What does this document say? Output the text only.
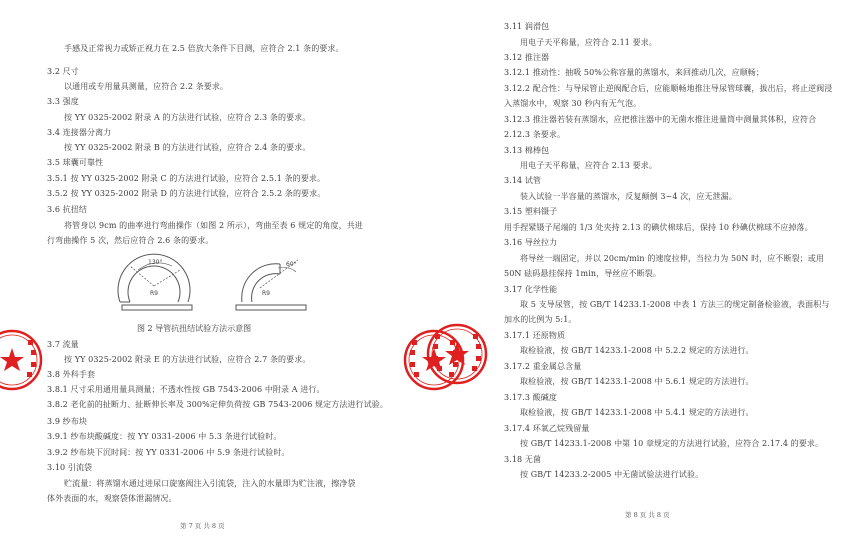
手感及正常视力或矫正视力在 2.5 倍放大条件下目测，应符合 2.1 条的要求。
3.2 尺寸
以通用或专用量具测量，应符合 2.2 条要求。
3.3 强度
按 YY 0325-2002 附录 A 的方法进行试验，应符合 2.3 条的要求。
3.4 连接器分离力
按 YY 0325-2002 附录 B 的方法进行试验，应符合 2.4 条的要求。
3.5 球囊可靠性
3.5.1 按 YY 0325-2002 附录 C 的方法进行试验，应符合 2.5.1 条的要求。
3.5.2 按 YY 0325-2002 附录 D 的方法进行试验，应符合 2.5.2 条的要求。
3.6 抗扭结
将管身以 9cm 的曲率进行弯曲操作（如图 2 所示），弯曲至表 6 规定的角度，共进
行弯曲操作 5 次，然后应符合 2.6 条的要求。
130°
R9
60°
R9
图 2 导管抗扭结试验方法示意图
3.7 流量
按 YY 0325-2002 附录 E 的方法进行试验，应符合 2.7 条的要求。
3.8 外科手套
3.8.1 尺寸采用通用量具测量；不透水性按 GB 7543-2006 中附录 A 进行。
3.8.2 老化前的扯断力、扯断伸长率及 300%定伸负荷按 GB 7543-2006 规定方法进行试验。
3.9 纱布块
3.9.1 纱布块酸碱度：按 YY 0331-2006 中 5.3 条进行试验时。
3.9.2 纱布块下沉时间：按 YY 0331-2006 中 5.9 条进行试验时。
3.10 引流袋
贮流量：将蒸馏水通过进尿口旋塞阀注入引流袋，注入的水量即为贮注液，擦净袋
体外表面的水，观察袋体泄漏情况。
第 7 页 共 8 页
3.11 润滑包
用电子天平称量，应符合 2.11 要求。
3.12 推注器
3.12.1 推动性：抽吸 50%公称容量的蒸馏水，来回推动几次，应顺畅；
3.12.2 配合性：与导尿管止逆阀配合后，应能顺畅地推注导尿管球囊，拔出后，将止逆阀浸
入蒸馏水中，观察 30 秒内有无气泡。
3.12.3 推注器若装有蒸馏水，应把推注器中的无菌水推注进量筒中测量其体积，应符合
2.12.3 条要求。
3.13 棉棒包
用电子天平称量，应符合 2.13 要求。
3.14 试管
装入试验一半容量的蒸馏水，反复颠倒 3~4 次，应无泄漏。
3.15 塑料镊子
用手捏紧镊子尾端的 1/3 处夹持 2.13 的碘伏棉球后，保持 10 秒碘伏棉球不应掉落。
3.16 导丝拉力
将导丝一端固定，并以 20cm/min 的速度拉伸，当拉力为 50N 时，应不断裂；或用
50N 砝码悬挂保持 1min，导丝应不断裂。
3.17 化学性能
取 5 支导尿管，按 GB/T 14233.1-2008 中表 1 方法三的规定制备检验液，表面积与
加水的比例为 5:1。
3.17.1 还原物质
取检验液，按 GB/T 14233.1-2008 中 5.2.2 规定的方法进行。
3.17.2 重金属总含量
取检验液，按 GB/T 14233.1-2008 中 5.6.1 规定的方法进行。
3.17.3 酸碱度
取检验液，按 GB/T 14233.1-2008 中 5.4.1 规定的方法进行。
3.17.4 环氧乙烷残留量
按 GB/T 14233.1-2008 中第 10 章规定的方法进行试验，应符合 2.17.4 的要求。
3.18 无菌
按 GB/T 14233.2-2005 中无菌试验法进行试验。
第 8 页 共 8 页
